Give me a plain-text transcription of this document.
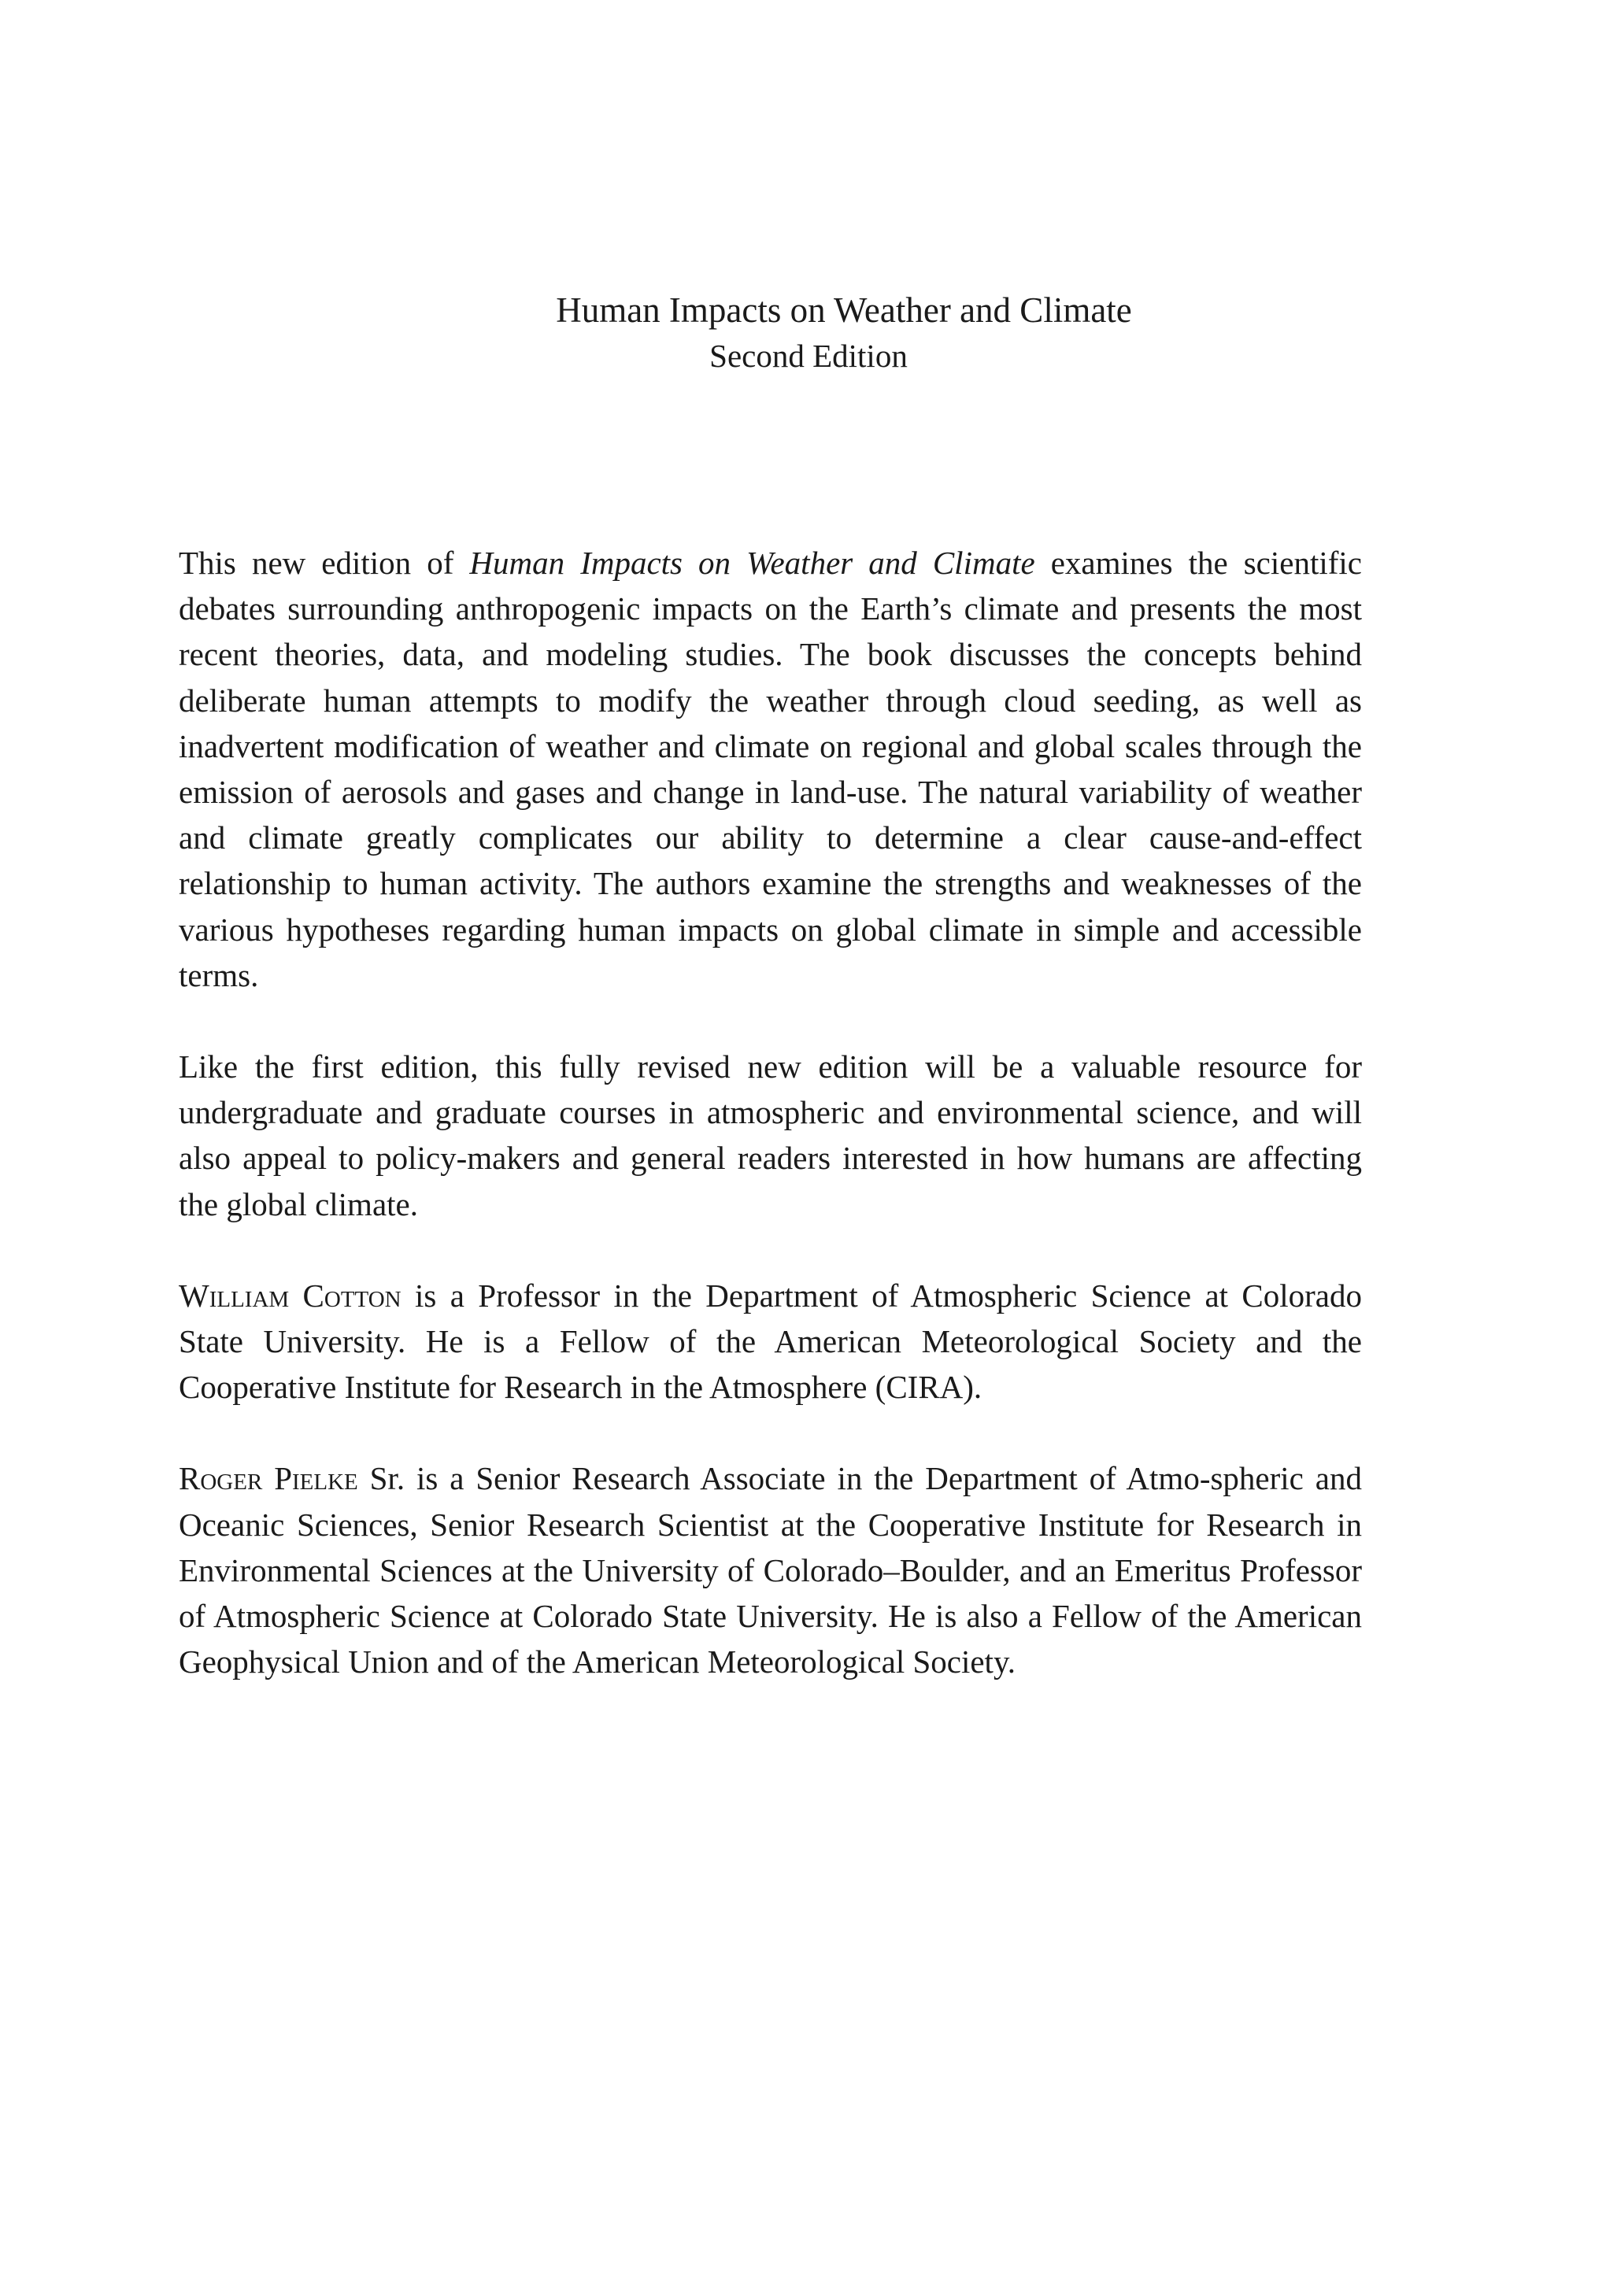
Human Impacts on Weather and Climate
Second Edition

This new edition of Human Impacts on Weather and Climate examines the scientific debates surrounding anthropogenic impacts on the Earth’s climate and presents the most recent theories, data, and modeling studies. The book discusses the concepts behind deliberate human attempts to modify the weather through cloud seeding, as well as inadvertent modification of weather and climate on regional and global scales through the emission of aerosols and gases and change in land-use. The natural variability of weather and climate greatly complicates our ability to determine a clear cause-and-effect relationship to human activity. The authors examine the strengths and weaknesses of the various hypotheses regarding human impacts on global climate in simple and accessible terms.

Like the first edition, this fully revised new edition will be a valuable resource for undergraduate and graduate courses in atmospheric and environmental science, and will also appeal to policy-makers and general readers interested in how humans are affecting the global climate.

William Cotton is a Professor in the Department of Atmospheric Science at Colorado State University. He is a Fellow of the American Meteorological Society and the Cooperative Institute for Research in the Atmosphere (CIRA).

Roger Pielke Sr. is a Senior Research Associate in the Department of Atmo-spheric and Oceanic Sciences, Senior Research Scientist at the Cooperative Institute for Research in Environmental Sciences at the University of Colorado–Boulder, and an Emeritus Professor of Atmospheric Science at Colorado State University. He is also a Fellow of the American Geophysical Union and of the American Meteorological Society.
